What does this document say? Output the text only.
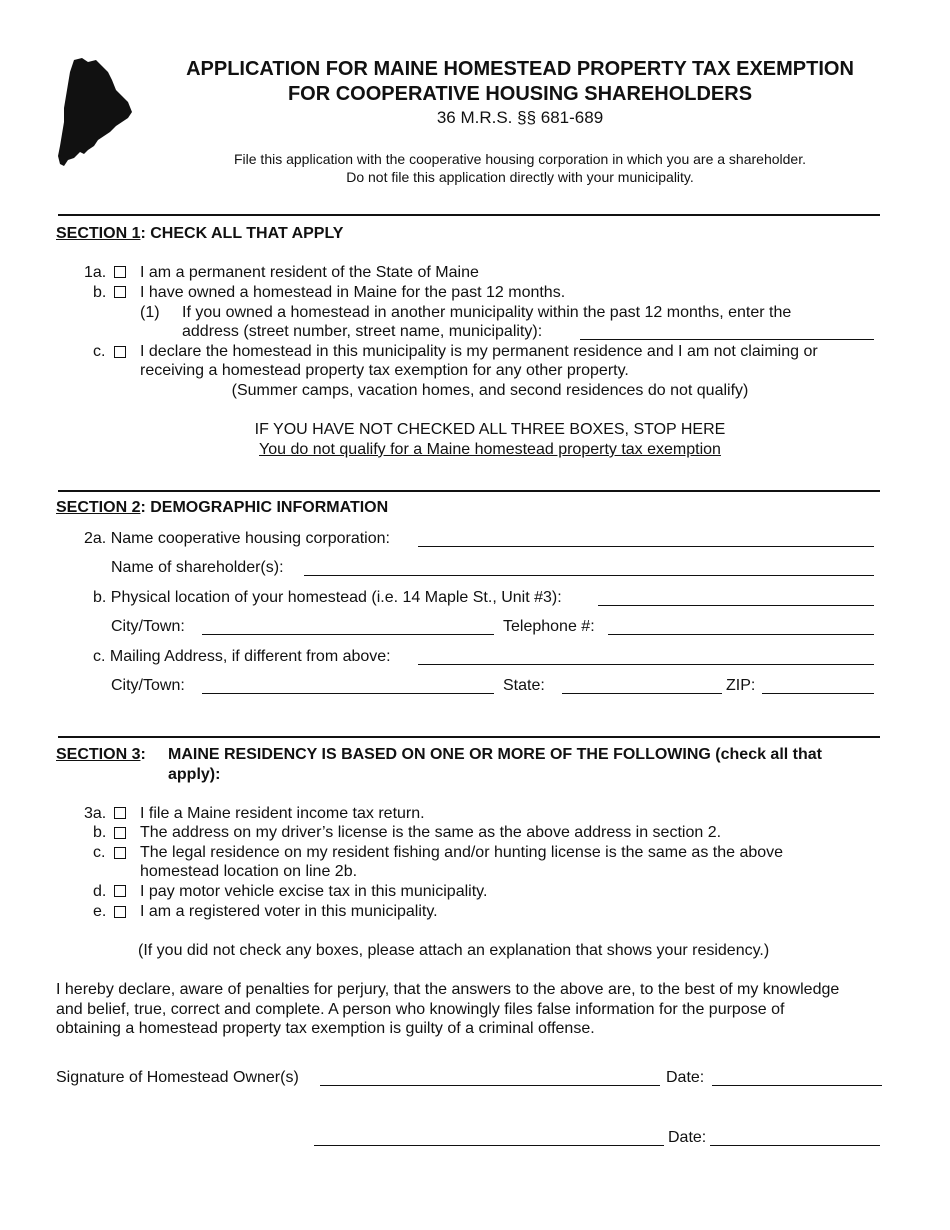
APPLICATION FOR MAINE HOMESTEAD PROPERTY TAX EXEMPTION
FOR COOPERATIVE HOUSING SHAREHOLDERS
36 M.R.S. §§ 681-689
File this application with the cooperative housing corporation in which you are a shareholder.
Do not file this application directly with your municipality.
SECTION 1: CHECK ALL THAT APPLY
1a. I am a permanent resident of the State of Maine
b. I have owned a homestead in Maine for the past 12 months.
(1) If you owned a homestead in another municipality within the past 12 months, enter the
address (street number, street name, municipality):
c. I declare the homestead in this municipality is my permanent residence and I am not claiming or
receiving a homestead property tax exemption for any other property.
(Summer camps, vacation homes, and second residences do not qualify)
IF YOU HAVE NOT CHECKED ALL THREE BOXES, STOP HERE
You do not qualify for a Maine homestead property tax exemption
SECTION 2: DEMOGRAPHIC INFORMATION
2a. Name cooperative housing corporation:
Name of shareholder(s):
b. Physical location of your homestead (i.e. 14 Maple St., Unit #3):
City/Town:	Telephone #:
c. Mailing Address, if different from above:
City/Town:	State:	ZIP:
SECTION 3: MAINE RESIDENCY IS BASED ON ONE OR MORE OF THE FOLLOWING (check all that
apply):
3a. I file a Maine resident income tax return.
b. The address on my driver’s license is the same as the above address in section 2.
c. The legal residence on my resident fishing and/or hunting license is the same as the above
homestead location on line 2b.
d. I pay motor vehicle excise tax in this municipality.
e. I am a registered voter in this municipality.
(If you did not check any boxes, please attach an explanation that shows your residency.)
I hereby declare, aware of penalties for perjury, that the answers to the above are, to the best of my knowledge
and belief, true, correct and complete. A person who knowingly files false information for the purpose of
obtaining a homestead property tax exemption is guilty of a criminal offense.
Signature of Homestead Owner(s)	Date:
Date:
